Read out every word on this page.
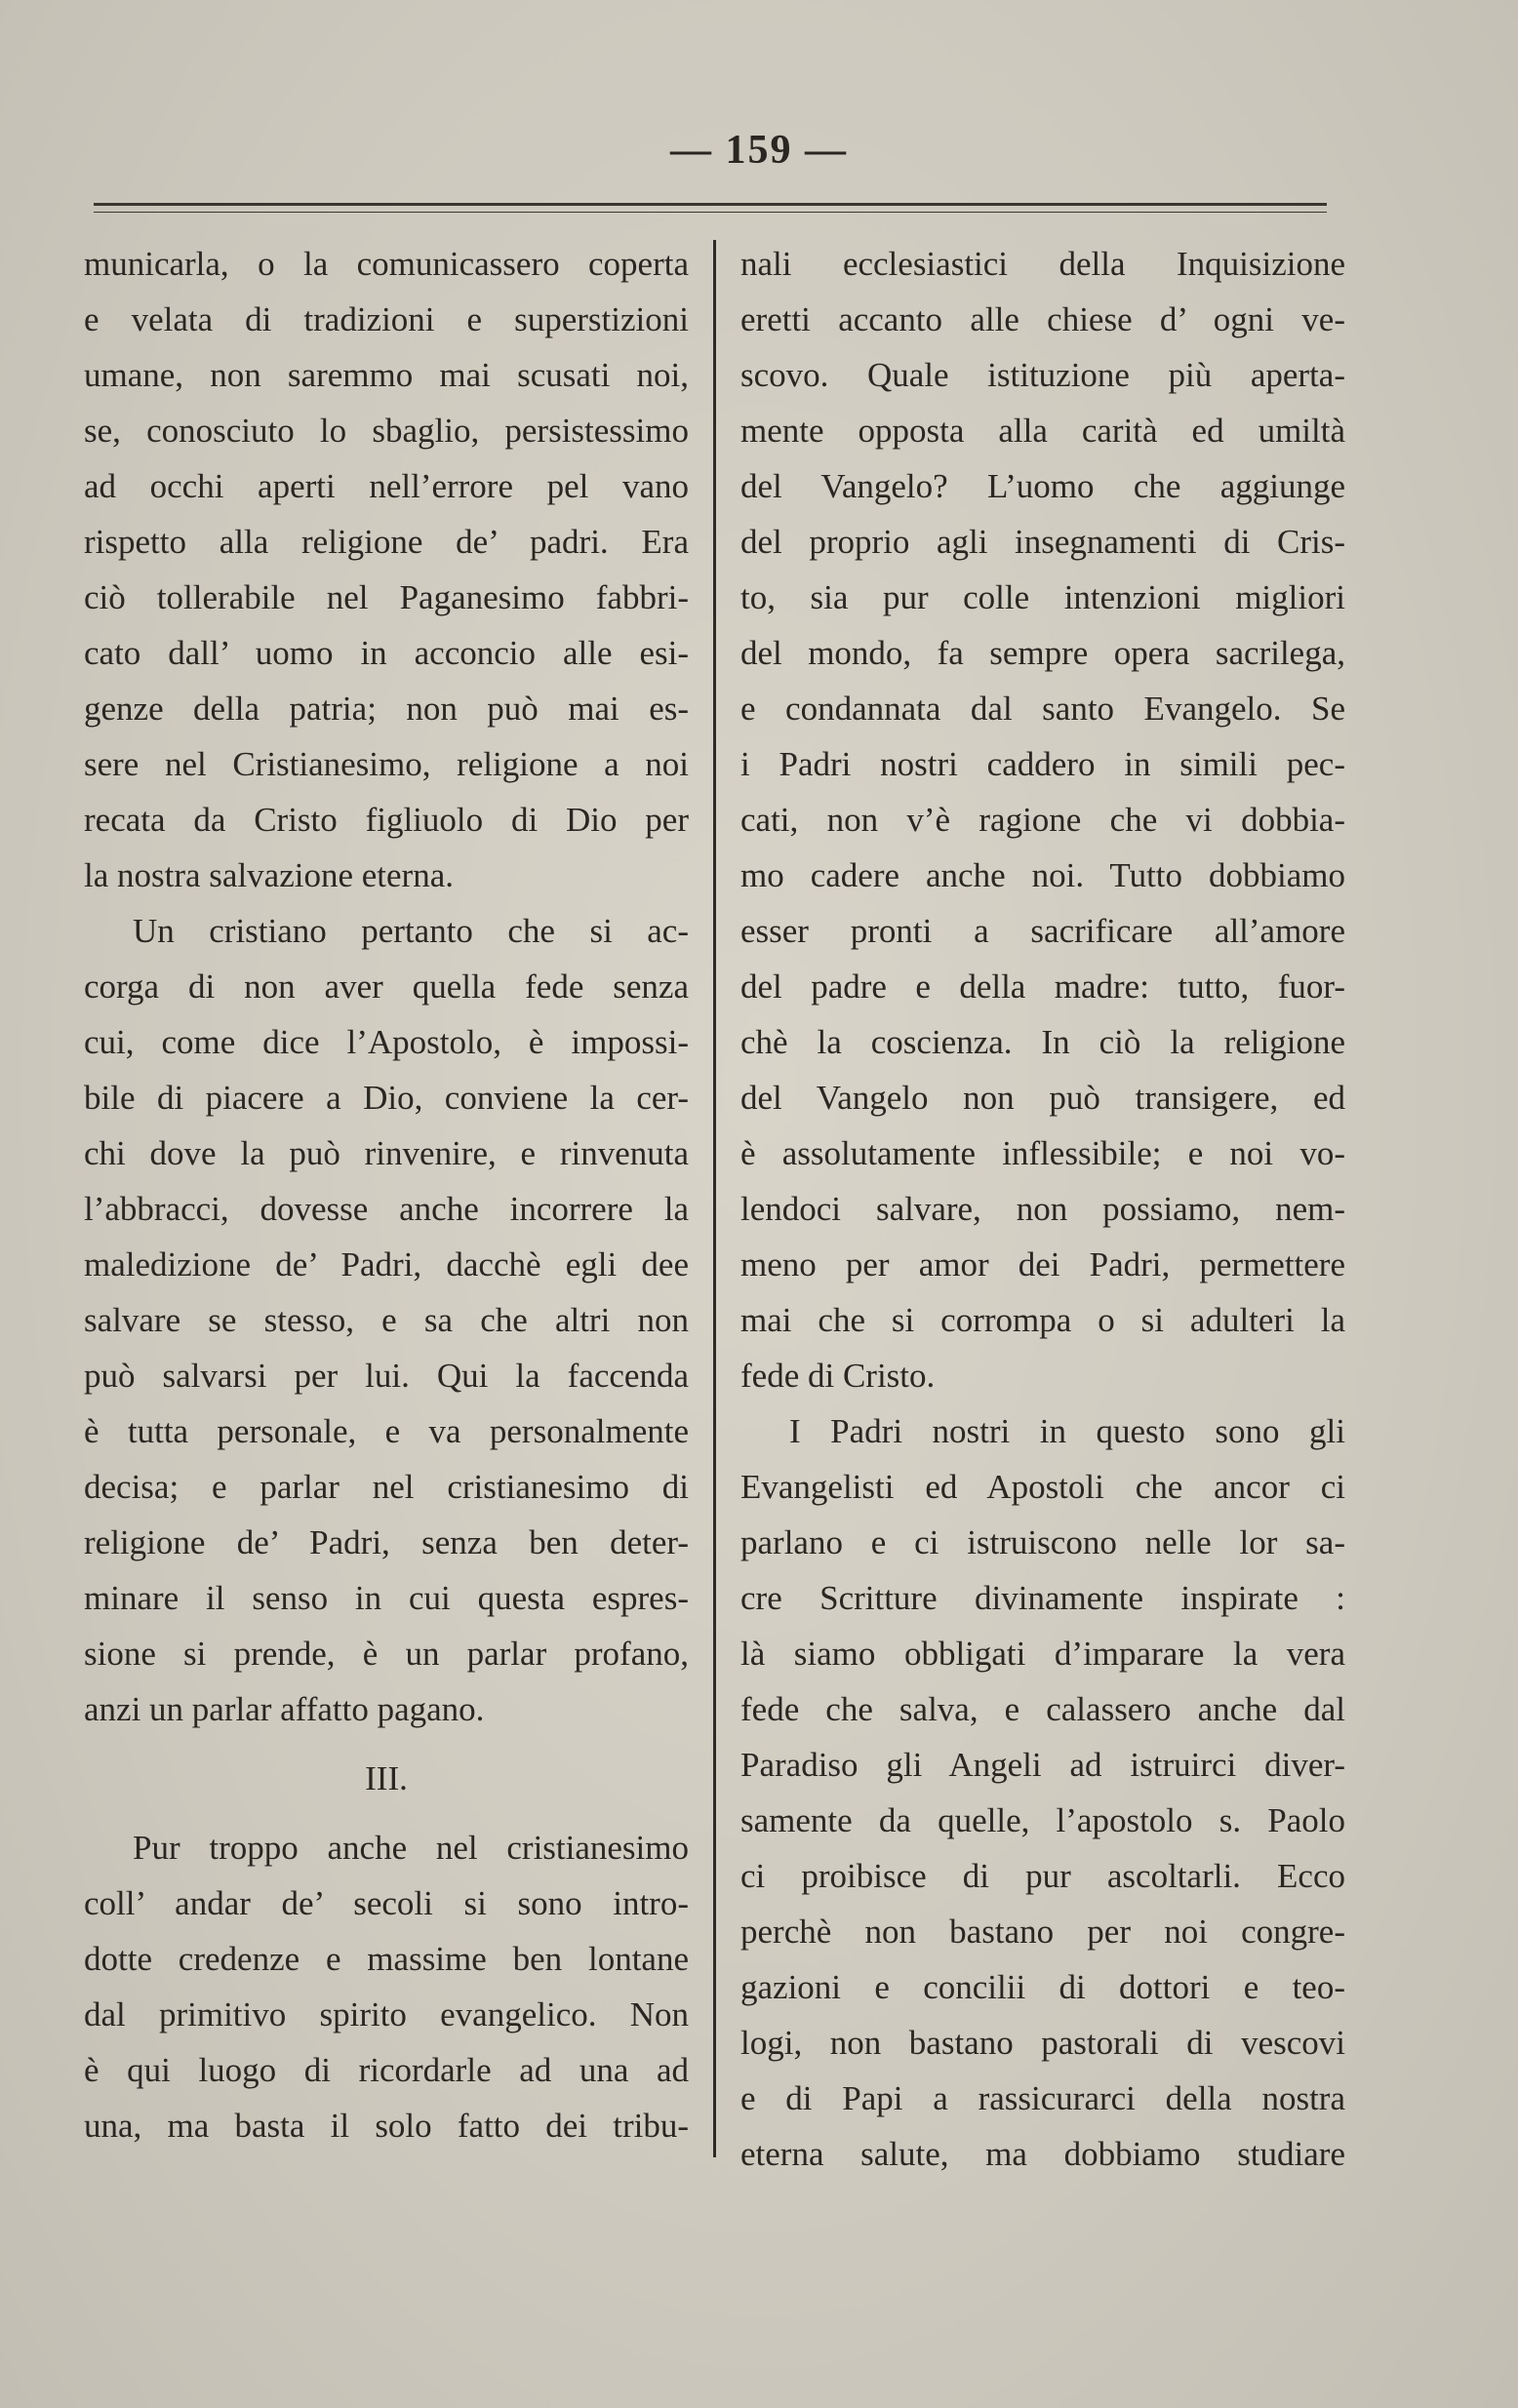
— 159 —
municarla, o la comunicassero coperta
e velata di tradizioni e superstizioni
umane, non saremmo mai scusati noi,
se, conosciuto lo sbaglio, persistessimo
ad occhi aperti nell’errore pel vano
rispetto alla religione de’ padri. Era
ciò tollerabile nel Paganesimo fabbri-
cato dall’ uomo in acconcio alle esi-
genze della patria; non può mai es-
sere nel Cristianesimo, religione a noi
recata da Cristo figliuolo di Dio per
la nostra salvazione eterna.
Un cristiano pertanto che si ac-
corga di non aver quella fede senza
cui, come dice l’Apostolo, è impossi-
bile di piacere a Dio, conviene la cer-
chi dove la può rinvenire, e rinvenuta
l’abbracci, dovesse anche incorrere la
maledizione de’ Padri, dacchè egli dee
salvare se stesso, e sa che altri non
può salvarsi per lui. Qui la faccenda
è tutta personale, e va personalmente
decisa; e parlar nel cristianesimo di
religione de’ Padri, senza ben deter-
minare il senso in cui questa espres-
sione si prende, è un parlar profano,
anzi un parlar affatto pagano.
III.
Pur troppo anche nel cristianesimo
coll’ andar de’ secoli si sono intro-
dotte credenze e massime ben lontane
dal primitivo spirito evangelico. Non
è qui luogo di ricordarle ad una ad
una, ma basta il solo fatto dei tribu-
nali ecclesiastici della Inquisizione
eretti accanto alle chiese d’ ogni ve-
scovo. Quale istituzione più aperta-
mente opposta alla carità ed umiltà
del Vangelo? L’uomo che aggiunge
del proprio agli insegnamenti di Cris-
to, sia pur colle intenzioni migliori
del mondo, fa sempre opera sacrilega,
e condannata dal santo Evangelo. Se
i Padri nostri caddero in simili pec-
cati, non v’è ragione che vi dobbia-
mo cadere anche noi. Tutto dobbiamo
esser pronti a sacrificare all’amore
del padre e della madre: tutto, fuor-
chè la coscienza. In ciò la religione
del Vangelo non può transigere, ed
è assolutamente inflessibile; e noi vo-
lendoci salvare, non possiamo, nem-
meno per amor dei Padri, permettere
mai che si corrompa o si adulteri la
fede di Cristo.
I Padri nostri in questo sono gli
Evangelisti ed Apostoli che ancor ci
parlano e ci istruiscono nelle lor sa-
cre Scritture divinamente inspirate :
là siamo obbligati d’imparare la vera
fede che salva, e calassero anche dal
Paradiso gli Angeli ad istruirci diver-
samente da quelle, l’apostolo s. Paolo
ci proibisce di pur ascoltarli. Ecco
perchè non bastano per noi congre-
gazioni e concilii di dottori e teo-
logi, non bastano pastorali di vescovi
e di Papi a rassicurarci della nostra
eterna salute, ma dobbiamo studiare
